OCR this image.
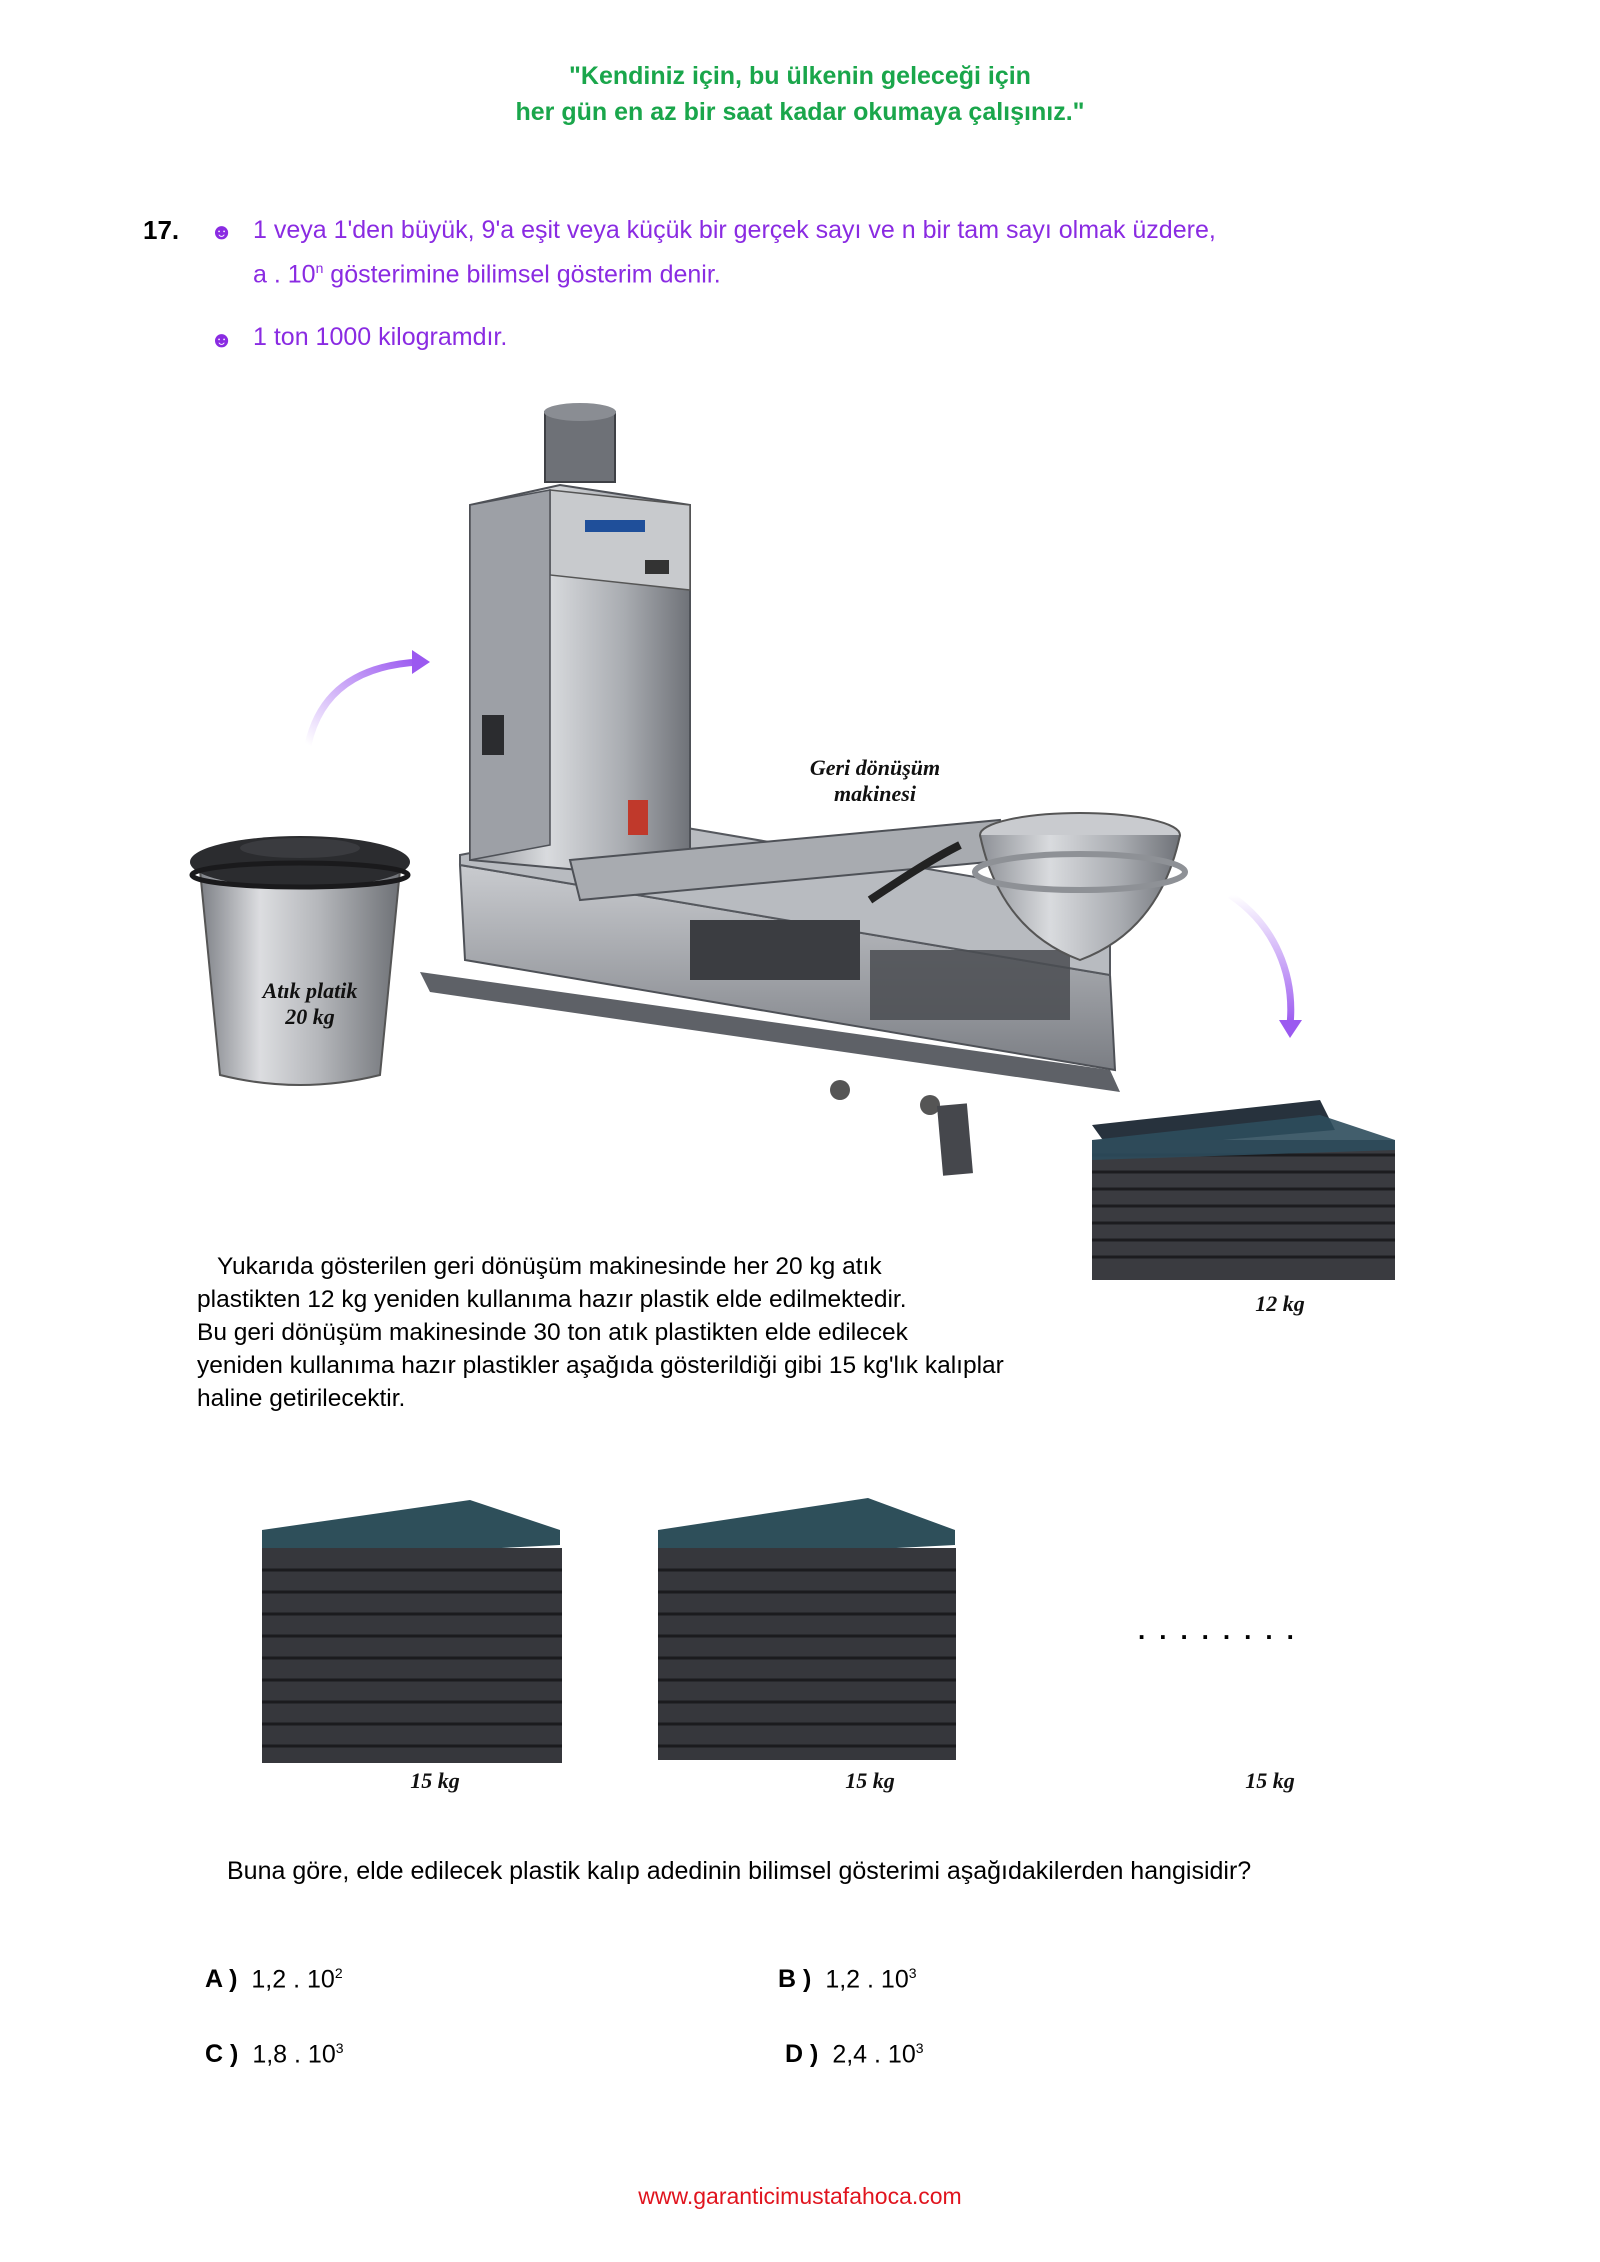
"Kendiniz için, bu ülkenin geleceği için
her gün en az bir saat kadar okumaya çalışınız."
17. ☻ 1 veya 1'den büyük, 9'a eşit veya küçük bir gerçek sayı ve n bir tam sayı olmak üzdere,
a . 10$^n$ gösterimine bilimsel gösterim denir.
☻ 1 ton 1000 kilogramdır.
Geri dönüşüm
makinesi
Atık platik
20 kg
12 kg
Yukarıda gösterilen geri dönüşüm makinesinde her 20 kg atık
plastikten 12 kg yeniden kullanıma hazır plastik elde edilmektedir.
Bu geri dönüşüm makinesinde 30 ton atık plastikten elde edilecek
yeniden kullanıma hazır plastikler aşağıda gösterildiği gibi 15 kg'lık kalıplar
haline getirilecektir.
........
15 kg	15 kg	15 kg
Buna göre, elde edilecek plastik kalıp adedinin bilimsel gösterimi aşağıdakilerden hangisidir?
A ) 1,2 . $10^2$	B ) 1,2 . $10^3$
C ) 1,8 . $10^3$	D ) 2,4 . $10^3$
www.garanticimustafahoca.com
